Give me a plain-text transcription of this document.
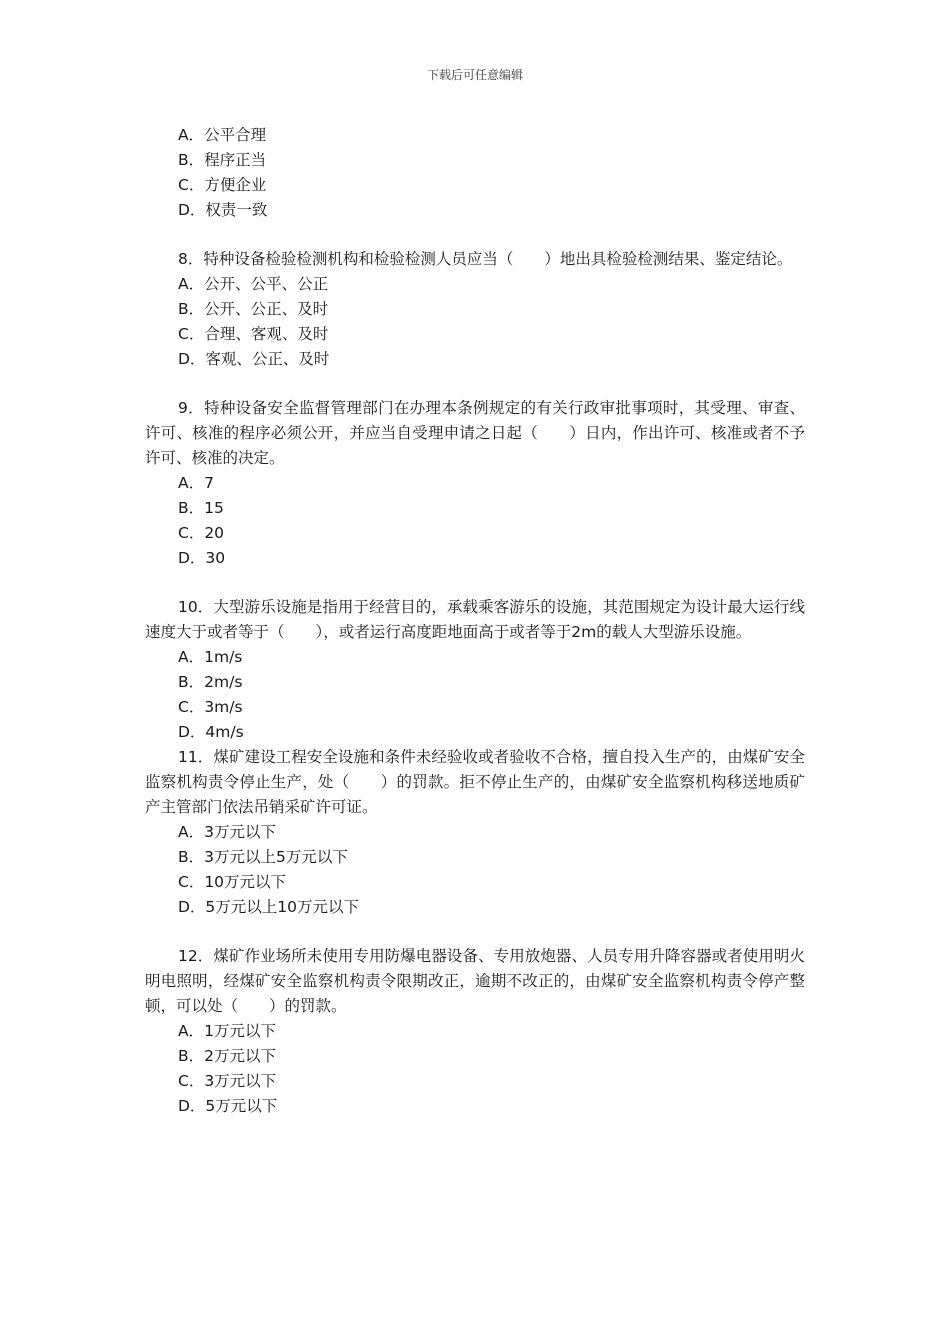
下载后可任意编辑

A．公平合理

B．程序正当

C．方便企业

D．权责一致

8．特种设备检验检测机构和检验检测人员应当（　　）地出具检验检测结果、鉴定结论。

A．公开、公平、公正

B．公开、公正、及时

C．合理、客观、及时

D．客观、公正、及时

9．特种设备安全监督管理部门在办理本条例规定的有关行政审批事项时，其受理、审查、许可、核准的程序必须公开，并应当自受理申请之日起（　　）日内，作出许可、核准或者不予许可、核准的决定。

A．7

B．15

C．20

D．30

10．大型游乐设施是指用于经营目的，承载乘客游乐的设施，其范围规定为设计最大运行线速度大于或者等于（　　），或者运行高度距地面高于或者等于2m的载人大型游乐设施。

A．1m/s

B．2m/s

C．3m/s

D．4m/s

11．煤矿建设工程安全设施和条件未经验收或者验收不合格，擅自投入生产的，由煤矿安全监察机构责令停止生产，处（　　）的罚款。拒不停止生产的，由煤矿安全监察机构移送地质矿产主管部门依法吊销采矿许可证。

A．3万元以下

B．3万元以上5万元以下

C．10万元以下

D．5万元以上10万元以下

12．煤矿作业场所未使用专用防爆电器设备、专用放炮器、人员专用升降容器或者使用明火明电照明，经煤矿安全监察机构责令限期改正，逾期不改正的，由煤矿安全监察机构责令停产整顿，可以处（　　）的罚款。

A．1万元以下

B．2万元以下

C．3万元以下

D．5万元以下
